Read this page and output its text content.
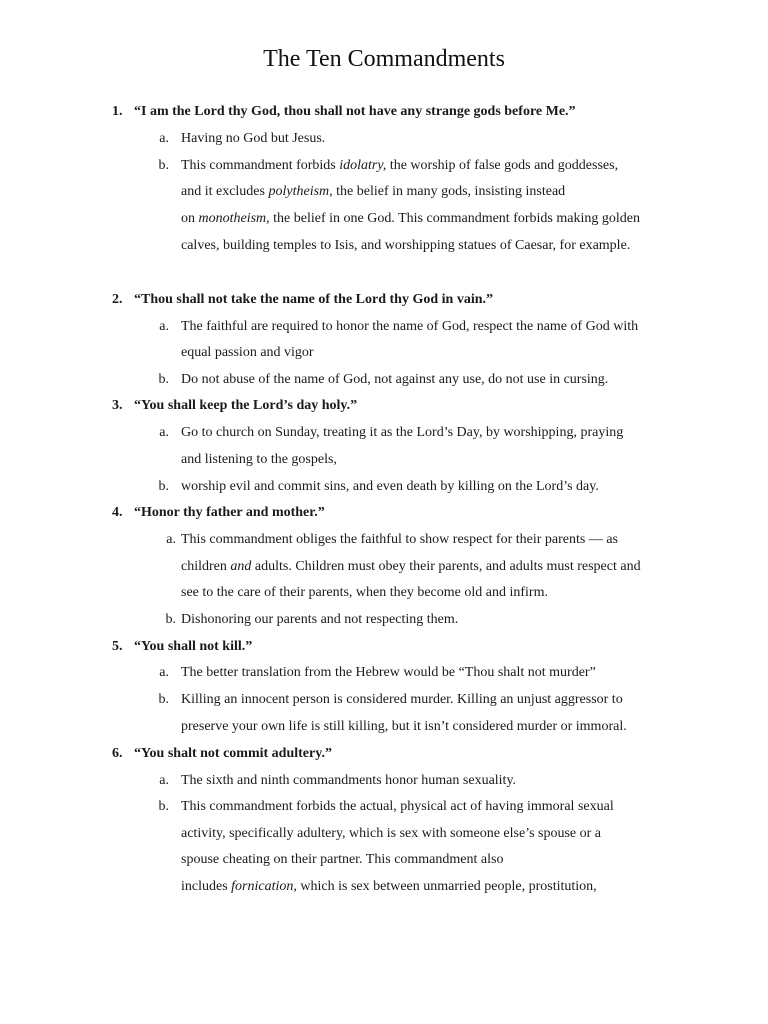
The Ten Commandments
1. “I am the Lord thy God, thou shall not have any strange gods before Me.”
a. Having no God but Jesus.
b. This commandment forbids idolatry, the worship of false gods and goddesses,
and it excludes polytheism, the belief in many gods, insisting instead
on monotheism, the belief in one God. This commandment forbids making golden
calves, building temples to Isis, and worshipping statues of Caesar, for example.
2. “Thou shall not take the name of the Lord thy God in vain.”
a. The faithful are required to honor the name of God, respect the name of God with
equal passion and vigor
b. Do not abuse of the name of God, not against any use, do not use in cursing.
3. “You shall keep the Lord’s day holy.”
a. Go to church on Sunday, treating it as the Lord’s Day, by worshipping, praying
and listening to the gospels,
b. worship evil and commit sins, and even death by killing on the Lord’s day.
4. “Honor thy father and mother.”
a. This commandment obliges the faithful to show respect for their parents — as
children and adults. Children must obey their parents, and adults must respect and
see to the care of their parents, when they become old and infirm.
b. Dishonoring our parents and not respecting them.
5. “You shall not kill.”
a. The better translation from the Hebrew would be “Thou shalt not murder”
b. Killing an innocent person is considered murder. Killing an unjust aggressor to
preserve your own life is still killing, but it isn’t considered murder or immoral.
6. “You shalt not commit adultery.”
a. The sixth and ninth commandments honor human sexuality.
b. This commandment forbids the actual, physical act of having immoral sexual
activity, specifically adultery, which is sex with someone else’s spouse or a
spouse cheating on their partner. This commandment also
includes fornication, which is sex between unmarried people, prostitution,
